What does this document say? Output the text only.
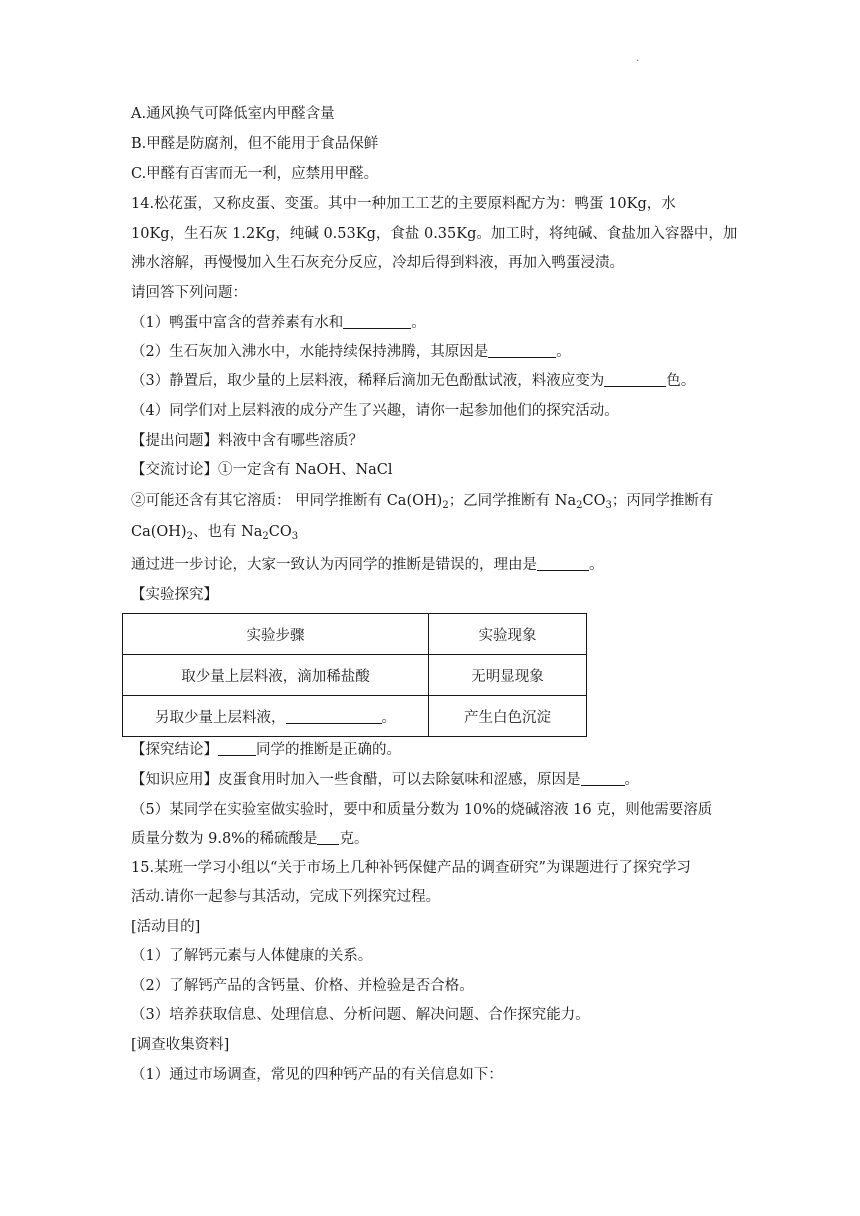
·
A.通风换气可降低室内甲醛含量
B.甲醛是防腐剂，但不能用于食品保鲜
C.甲醛有百害而无一利，应禁用甲醛。
14.松花蛋，又称皮蛋、变蛋。其中一种加工工艺的主要原料配方为：鸭蛋 10Kg，水
10Kg，生石灰 1.2Kg，纯碱 0.53Kg，食盐 0.35Kg。加工时，将纯碱、食盐加入容器中，加
沸水溶解，再慢慢加入生石灰充分反应，冷却后得到料液，再加入鸭蛋浸渍。
请回答下列问题：
（1）鸭蛋中富含的营养素有水和	。
（2）生石灰加入沸水中，水能持续保持沸腾，其原因是	。
（3）静置后，取少量的上层料液，稀释后滴加无色酚酞试液，料液应变为	色。
（4）同学们对上层料液的成分产生了兴趣，请你一起参加他们的探究活动。
【提出问题】料液中含有哪些溶质？
【交流讨论】①一定含有 NaOH、NaCl
②可能还含有其它溶质： 甲同学推断有 $Ca(OH)_2$；乙同学推断有 $Na_2CO_3$；丙同学推断有
$Ca(OH)_2$、也有 $Na_2CO_3$
通过进一步讨论，大家一致认为丙同学的推断是错误的，理由是	。
【实验探究】
实验步骤	实验现象
取少量上层料液，滴加稀盐酸	无明显现象
另取少量上层料液， 。	产生白色沉淀
【探究结论】	同学的推断是正确的。
【知识应用】皮蛋食用时加入一些食醋，可以去除氨味和涩感，原因是	。
（5）某同学在实验室做实验时，要中和质量分数为 10%的烧碱溶液 16 克，则他需要溶质
质量分数为 9.8%的稀硫酸是 克。
15.某班一学习小组以“关于市场上几种补钙保健产品的调查研究”为课题进行了探究学习
活动.请你一起参与其活动，完成下列探究过程。
[活动目的]
（1）了解钙元素与人体健康的关系。
（2）了解钙产品的含钙量、价格、并检验是否合格。
（3）培养获取信息、处理信息、分析问题、解决问题、合作探究能力。
[调查收集资料]
（1）通过市场调查，常见的四种钙产品的有关信息如下：
